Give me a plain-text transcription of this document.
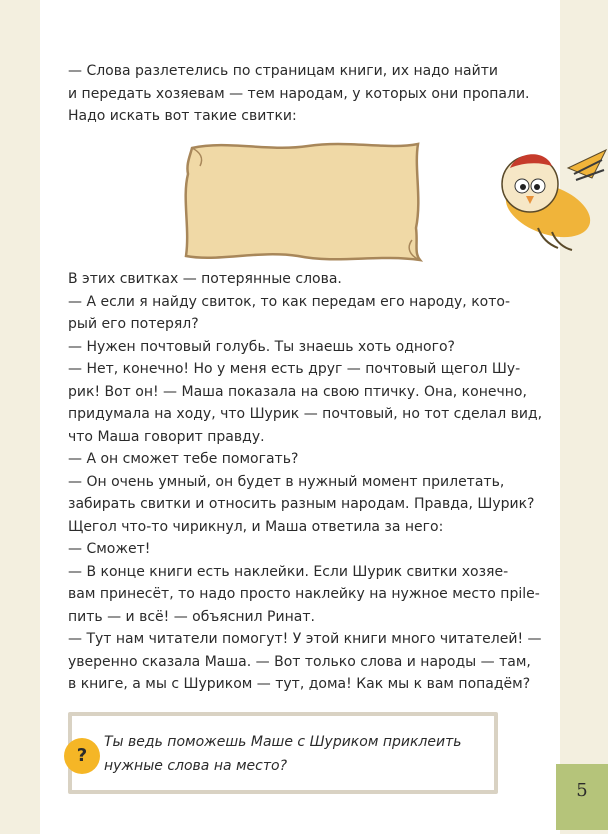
— Слова разлетелись по страницам книги, их надо найти
и передать хозяевам — тем народам, у которых они пропали.
Надо искать вот такие свитки:
В этих свитках — потерянные слова.
— А если я найду свиток, то как передам его народу, кото-
рый его потерял?
— Нужен почтовый голубь. Ты знаешь хоть одного?
— Нет, конечно! Но у меня есть друг — почтовый щегол Шу-
рик! Вот он! — Маша показала на свою птичку. Она, конечно,
придумала на ходу, что Шурик — почтовый, но тот сделал вид,
что Маша говорит правду.
— А он сможет тебе помогать?
— Он очень умный, он будет в нужный момент прилетать,
забирать свитки и относить разным народам. Правда, Шурик?
Щегол что-то чирикнул, и Маша ответила за него:
— Сможет!
— В конце книги есть наклейки. Если Шурик свитки хозяе-
вам принесёт, то надо просто наклейку на нужное место прile-
пить — и всё! — объяснил Ринат.
— Тут нам читатели помогут! У этой книги много читателей! —
уверенно сказала Маша. — Вот только слова и народы — там,
в книге, а мы с Шуриком — тут, дома! Как мы к вам попадём?
?
Ты ведь поможешь Маше с Шуриком приклеить
нужные слова на место?
5
